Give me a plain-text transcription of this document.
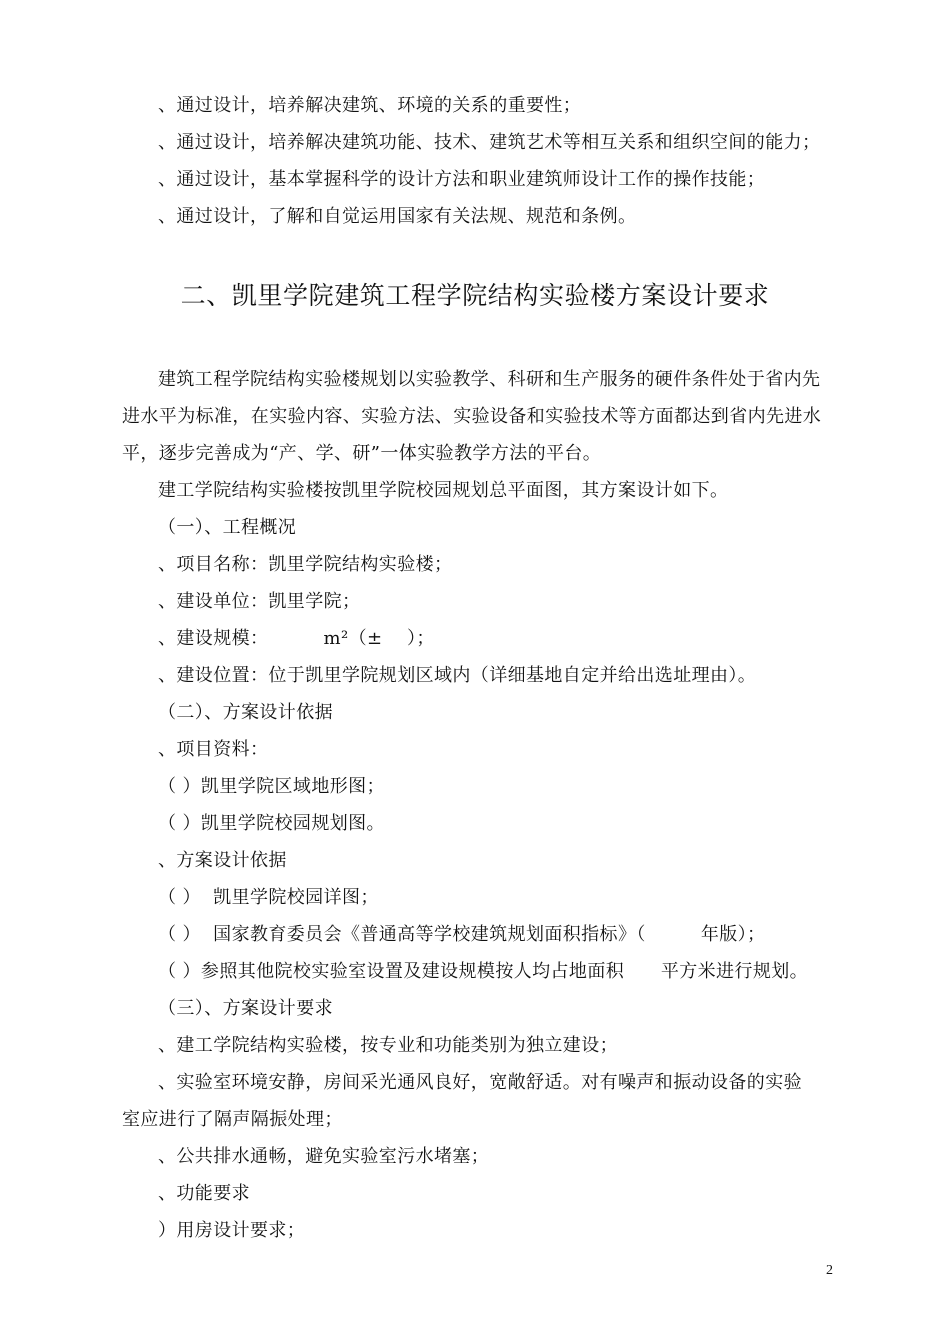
、通过设计，培养解决建筑、环境的关系的重要性；
、通过设计，培养解决建筑功能、技术、建筑艺术等相互关系和组织空间的能力；
、通过设计，基本掌握科学的设计方法和职业建筑师设计工作的操作技能；
、通过设计，了解和自觉运用国家有关法规、规范和条例。
二、凯里学院建筑工程学院结构实验楼方案设计要求
建筑工程学院结构实验楼规划以实验教学、科研和生产服务的硬件条件处于省内先
进水平为标准，在实验内容、实验方法、实验设备和实验技术等方面都达到省内先进水
平，逐步完善成为“产、学、研”一体实验教学方法的平台。
建工学院结构实验楼按凯里学院校园规划总平面图，其方案设计如下。
（一）、工程概况
、项目名称：凯里学院结构实验楼；
、建设单位：凯里学院；
、建设规模：         m²（±    ）；
、建设位置：位于凯里学院规划区域内（详细基地自定并给出选址理由）。
（二）、方案设计依据
、项目资料：
（ ）凯里学院区域地形图；
（ ）凯里学院校园规划图。
、方案设计依据
（ ）  凯里学院校园详图；
（ ）  国家教育委员会《普通高等学校建筑规划面积指标》（         年版）；
（ ）参照其他院校实验室设置及建设规模按人均占地面积      平方米进行规划。
（三）、方案设计要求
、建工学院结构实验楼，按专业和功能类别为独立建设；
、实验室环境安静，房间采光通风良好，宽敞舒适。对有噪声和振动设备的实验
室应进行了隔声隔振处理；
、公共排水通畅，避免实验室污水堵塞；
、功能要求
）用房设计要求；
2
